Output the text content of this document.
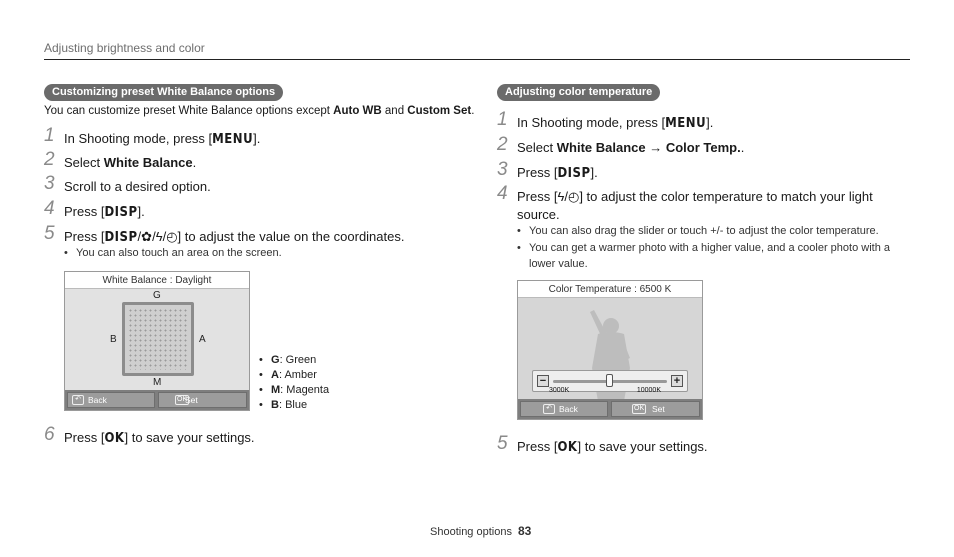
Adjusting brightness and color
Customizing preset White Balance options
You can customize preset White Balance options except Auto WB and Custom Set.
1 In Shooting mode, press [MENU].
2 Select White Balance.
3 Scroll to a desired option.
4 Press [DISP].
5 Press [DISP/✿/ϟ/◴] to adjust the value on the coordinates.
• You can also touch an area on the screen.
White Balance : Daylight
G
B	A
M
↶ Back	OK
Set
• G: Green
• A: Amber
• M: Magenta
• B: Blue
6 Press [OK] to save your settings.
Adjusting color temperature
1 In Shooting mode, press [MENU].
2 Select White Balance → Color Temp..
3 Press [DISP].
4 Press [ϟ/◴] to adjust the color temperature to match your light source.
• You can also drag the slider or touch +/- to adjust the color temperature.
• You can get a warmer photo with a higher value, and a cooler photo with a lower value.
Color Temperature : 6500 K
−	+
3000K	10000K
↶ Back	OK Set
5 Press [OK] to save your settings.
Shooting options 83
